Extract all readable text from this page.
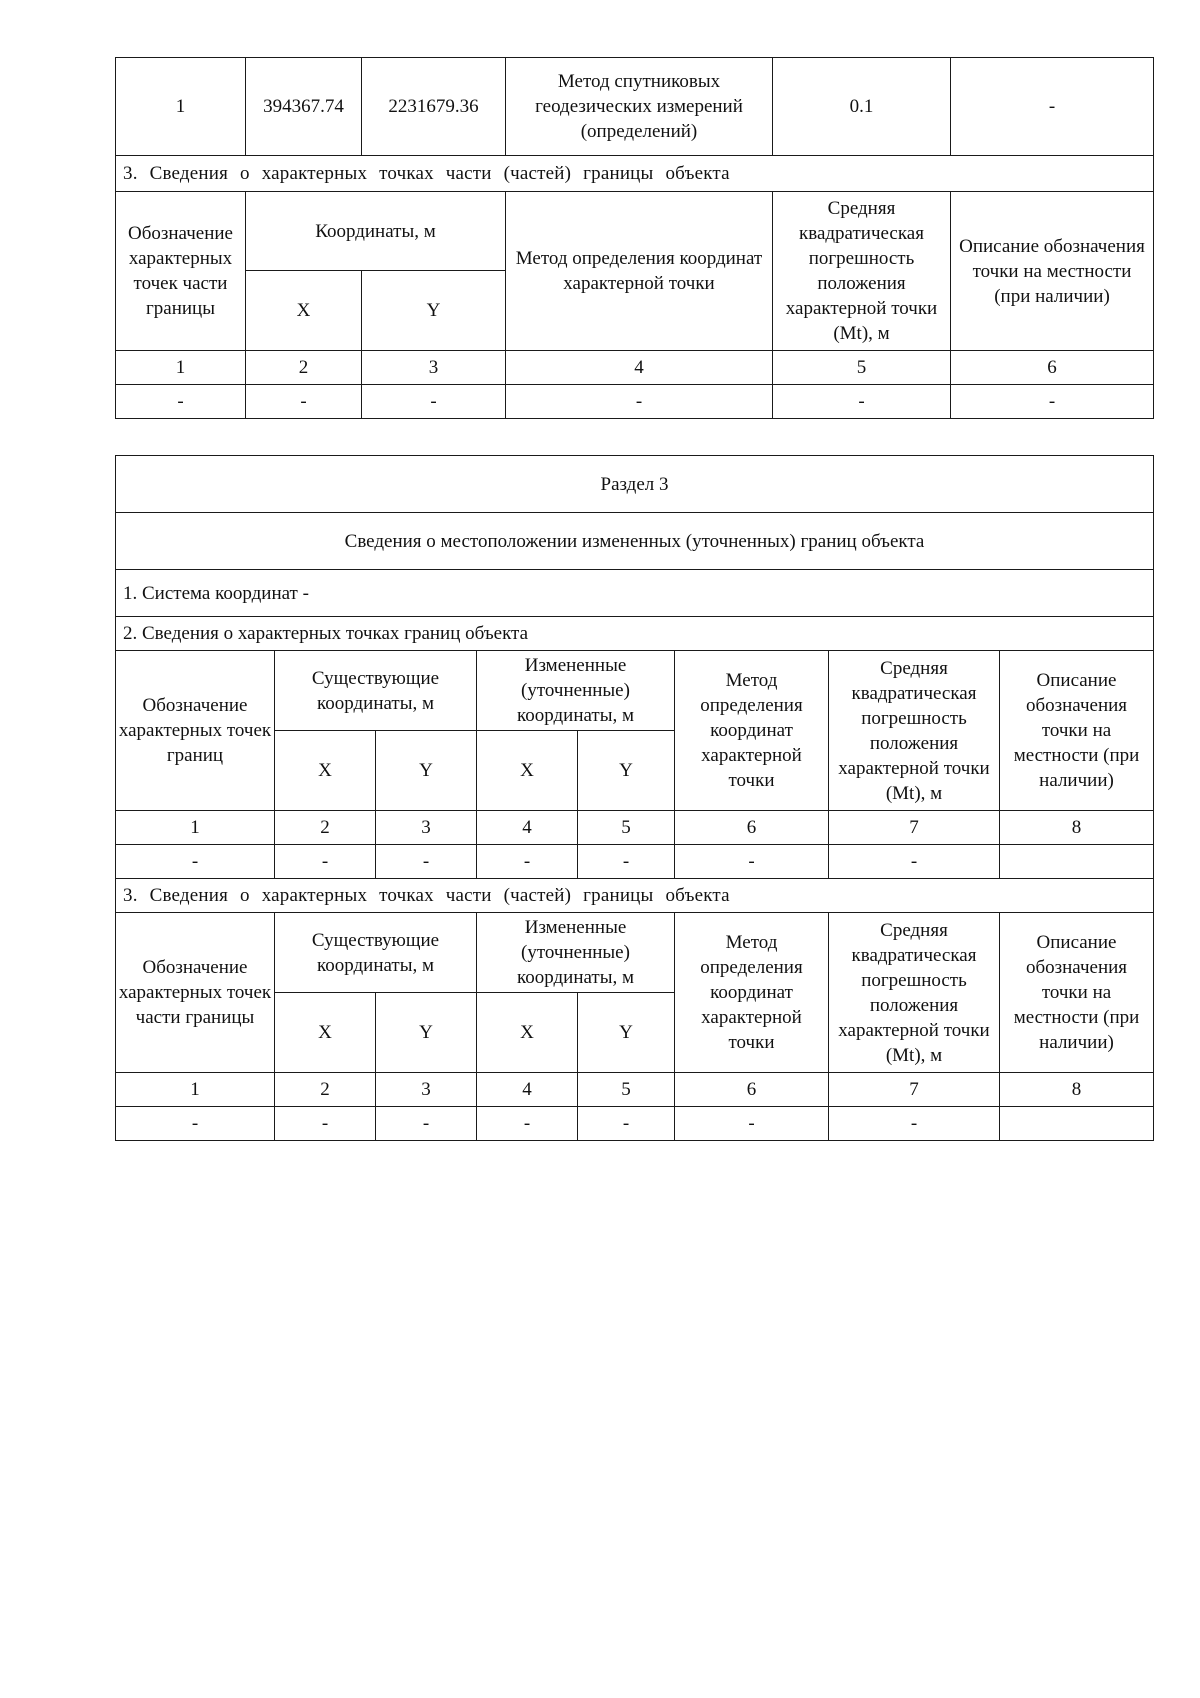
1	394367.74	2231679.36	Метод спутниковых геодезических измерений (определений)	0.1	-
3. Сведения о характерных точках части (частей) границы объекта					
Обозначение характерных точек части границы	Координаты, м		Метод определения координат характерной точки	Средняя квадратическая погрешность положения характерной точки (Mt), м	Описание обозначения точки на местности (при наличии)
	X	Y			
1	2	3	4	5	6
-	-	-	-	-	-
Раздел 3							
Сведения о местоположении измененных (уточненных) границ объекта							
1. Система координат -							
2. Сведения о характерных точках границ объекта							
Обозначение характерных точек границ	Существующие координаты, м		Измененные (уточненные) координаты, м		Метод определения координат характерной точки	Средняя квадратическая погрешность положения характерной точки (Mt), м	Описание обозначения точки на местности (при наличии)
	X	Y	X	Y			
1	2	3	4	5	6	7	8
-	-	-	-	-	-	-	
3. Сведения о характерных точках части (частей) границы объекта							
Обозначение характерных точек части границы	Существующие координаты, м		Измененные (уточненные) координаты, м		Метод определения координат характерной точки	Средняя квадратическая погрешность положения характерной точки (Mt), м	Описание обозначения точки на местности (при наличии)
	X	Y	X	Y			
1	2	3	4	5	6	7	8
-	-	-	-	-	-	-	
